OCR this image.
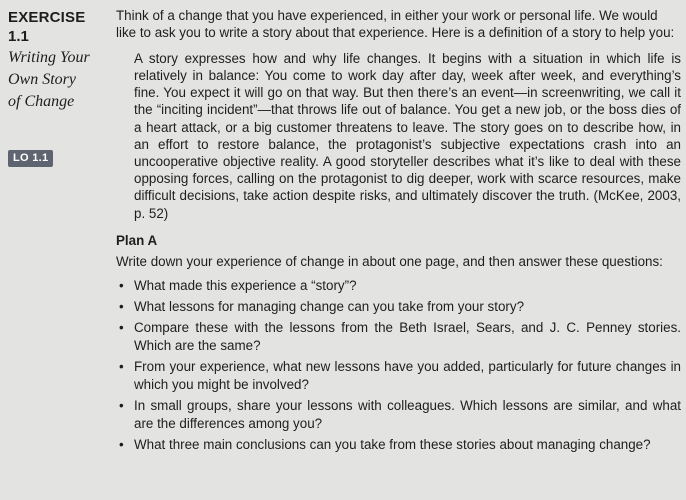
EXERCISE
1.1
Writing Your
Own Story
of Change
LO 1.1

Think of a change that you have experienced, in either your work or personal life. We would like to ask you to write a story about that experience. Here is a definition of a story to help you:

A story expresses how and why life changes. It begins with a situation in which life is relatively in balance: You come to work day after day, week after week, and everything’s fine. You expect it will go on that way. But then there’s an event—in screenwriting, we call it the “inciting incident”—that throws life out of balance. You get a new job, or the boss dies of a heart attack, or a big customer threatens to leave. The story goes on to describe how, in an effort to restore balance, the protagonist’s subjective expectations crash into an uncooperative objective reality. A good storyteller describes what it’s like to deal with these opposing forces, calling on the protagonist to dig deeper, work with scarce resources, make difficult decisions, take action despite risks, and ultimately discover the truth. (McKee, 2003, p. 52)

Plan A

Write down your experience of change in about one page, and then answer these questions:

• What made this experience a “story”?
• What lessons for managing change can you take from your story?
• Compare these with the lessons from the Beth Israel, Sears, and J. C. Penney stories. Which are the same?
• From your experience, what new lessons have you added, particularly for future changes in which you might be involved?
• In small groups, share your lessons with colleagues. Which lessons are similar, and what are the differences among you?
• What three main conclusions can you take from these stories about managing change?
